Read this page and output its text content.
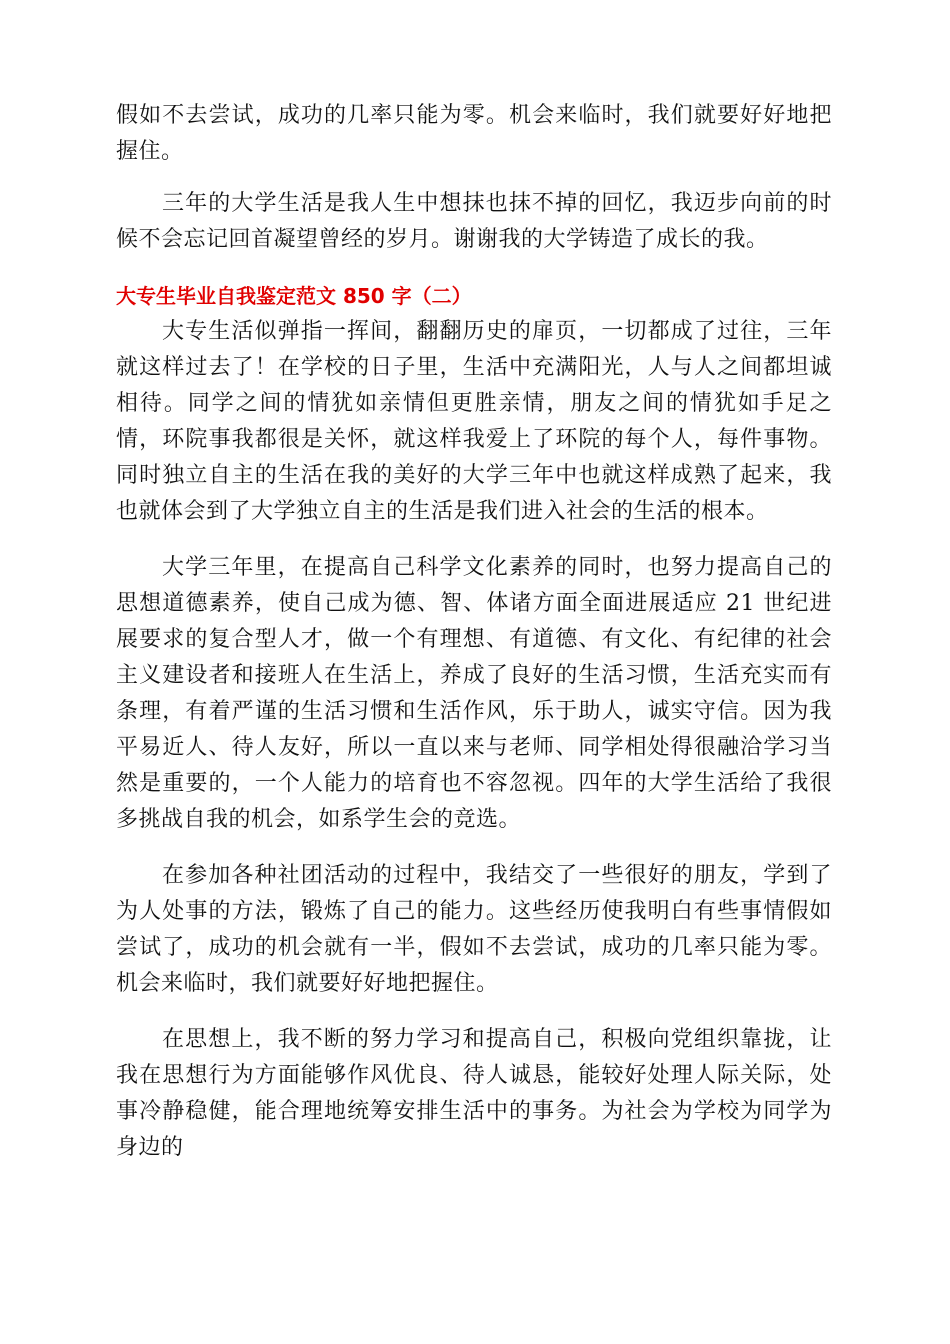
假如不去尝试，成功的几率只能为零。机会来临时，我们就要好好地把握住。

三年的大学生活是我人生中想抹也抹不掉的回忆，我迈步向前的时候不会忘记回首凝望曾经的岁月。谢谢我的大学铸造了成长的我。

大专生毕业自我鉴定范文 850 字（二）

大专生活似弹指一挥间，翻翻历史的扉页，一切都成了过往，三年就这样过去了！在学校的日子里，生活中充满阳光，人与人之间都坦诚相待。同学之间的情犹如亲情但更胜亲情，朋友之间的情犹如手足之情，环院事我都很是关怀，就这样我爱上了环院的每个人，每件事物。同时独立自主的生活在我的美好的大学三年中也就这样成熟了起来，我也就体会到了大学独立自主的生活是我们进入社会的生活的根本。

大学三年里，在提高自己科学文化素养的同时，也努力提高自己的思想道德素养，使自己成为德、智、体诸方面全面进展适应 21 世纪进展要求的复合型人才，做一个有理想、有道德、有文化、有纪律的社会主义建设者和接班人在生活上，养成了良好的生活习惯，生活充实而有条理，有着严谨的生活习惯和生活作风，乐于助人，诚实守信。因为我平易近人、待人友好，所以一直以来与老师、同学相处得很融洽学习当然是重要的，一个人能力的培育也不容忽视。四年的大学生活给了我很多挑战自我的机会，如系学生会的竞选。

在参加各种社团活动的过程中，我结交了一些很好的朋友，学到了为人处事的方法，锻炼了自己的能力。这些经历使我明白有些事情假如尝试了，成功的机会就有一半，假如不去尝试，成功的几率只能为零。机会来临时，我们就要好好地把握住。

在思想上，我不断的努力学习和提高自己，积极向党组织靠拢，让我在思想行为方面能够作风优良、待人诚恳，能较好处理人际关际，处事冷静稳健，能合理地统筹安排生活中的事务。为社会为学校为同学为身边的
